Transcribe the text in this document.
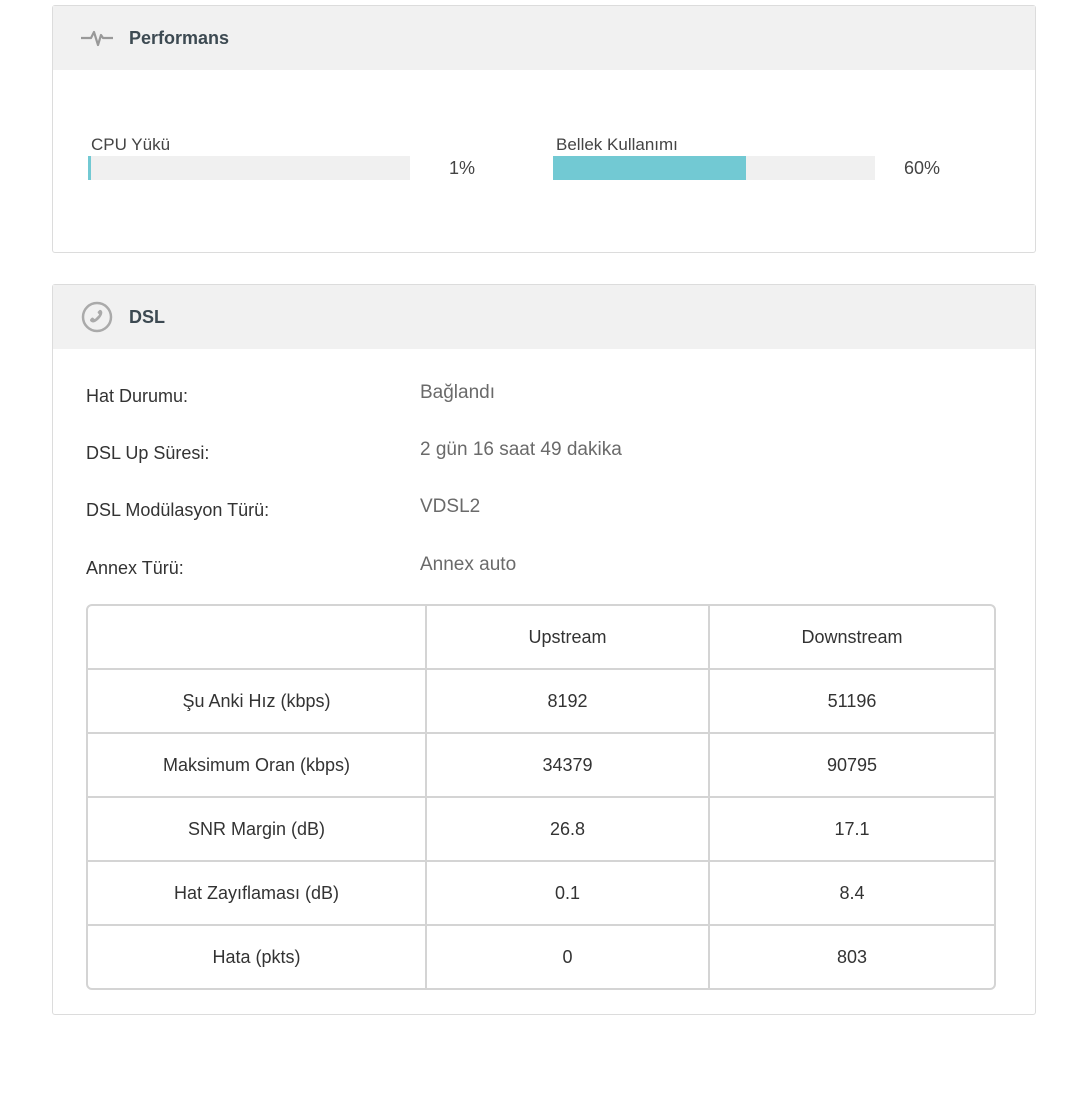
Performans
CPU Yükü
1%
Bellek Kullanımı
60%
DSL
Hat Durumu:	Bağlandı
DSL Up Süresi:	2 gün 16 saat 49 dakika
DSL Modülasyon Türü:	VDSL2
Annex Türü:	Annex auto
	Upstream	Downstream
Şu Anki Hız (kbps)	8192	51196
Maksimum Oran (kbps)	34379	90795
SNR Margin (dB)	26.8	17.1
Hat Zayıflaması (dB)	0.1	8.4
Hata (pkts)	0	803
